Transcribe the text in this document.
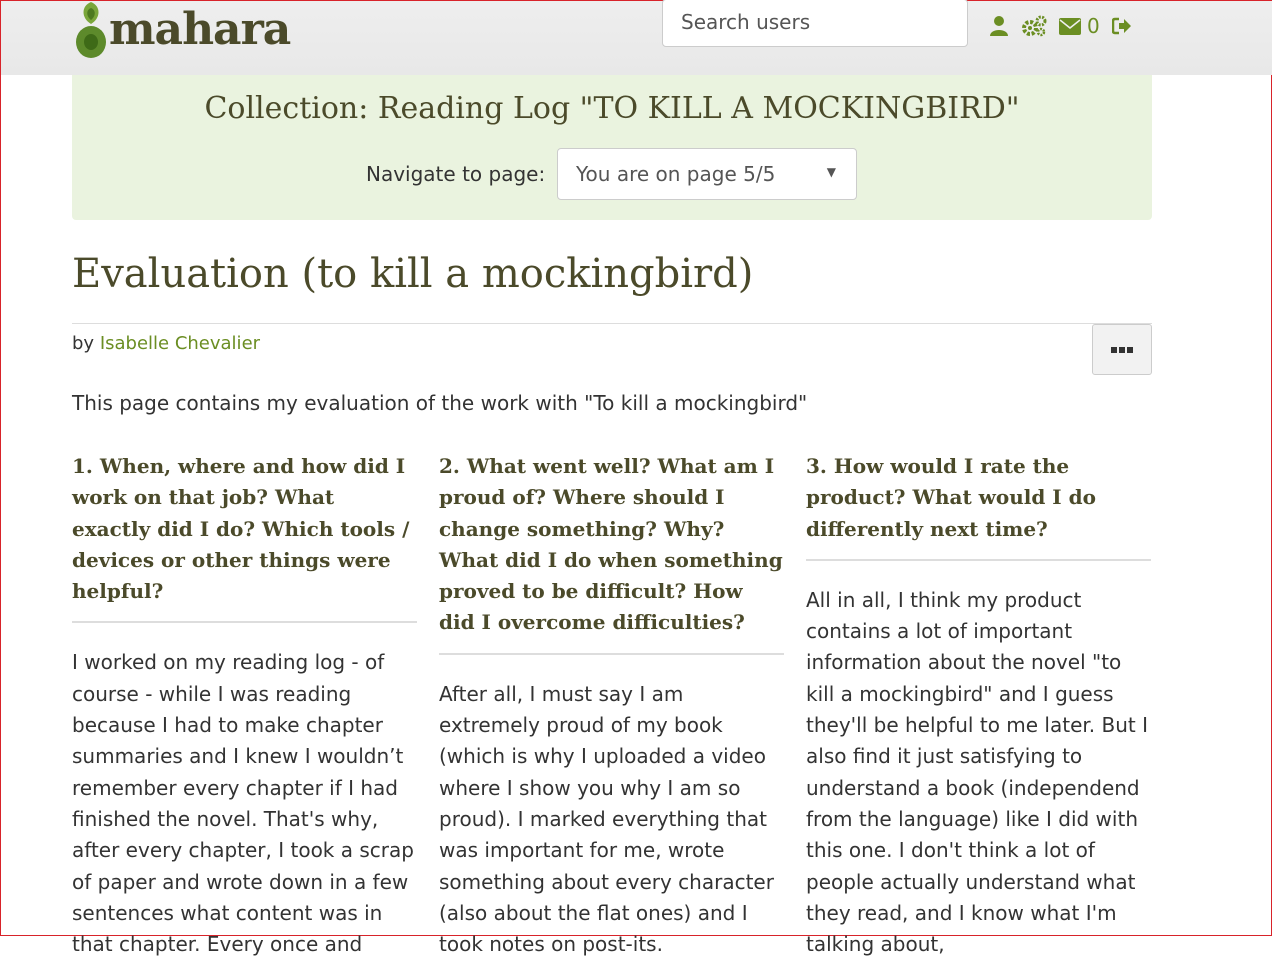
mahara	Search users	0
Collection: Reading Log "TO KILL A MOCKINGBIRD"
Navigate to page:	You are on page 5/5	▼
Evaluation (to kill a mockingbird)
by Isabelle Chevalier
This page contains my evaluation of the work with "To kill a mockingbird"
1. When, where and how did I work on that job? What exactly did I do? Which tools / devices or other things were helpful?

I worked on my reading log - of course - while I was reading because I had to make chapter summaries and I knew I wouldn’t remember every chapter if I had finished the novel. That's why, after every chapter, I took a scrap of paper and wrote down in a few sentences what content was in that chapter. Every once and

2. What went well? What am I proud of? Where should I change something? Why? What did I do when something proved to be difficult? How did I overcome difficulties?

After all, I must say I am extremely proud of my book (which is why I uploaded a video where I show you why I am so proud). I marked everything that was important for me, wrote something about every character (also about the flat ones) and I took notes on post-its.

3. How would I rate the product? What would I do differently next time?

All in all, I think my product contains a lot of important information about the novel "to kill a mockingbird" and I guess they'll be helpful to me later. But I also find it just satisfying to understand a book (independend from the language) like I did with this one. I don't think a lot of people actually understand what they read, and I know what I'm talking about,
